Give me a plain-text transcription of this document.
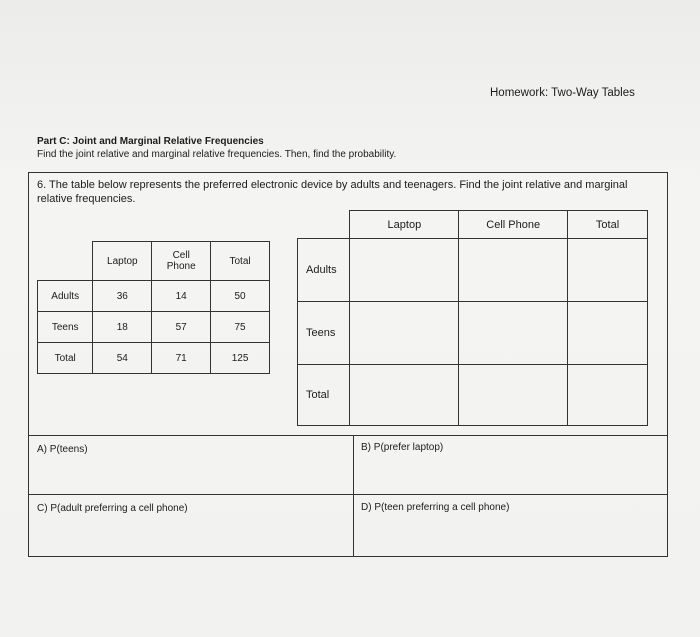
Homework: Two-Way Tables
Part C: Joint and Marginal Relative Frequencies
Find the joint relative and marginal relative frequencies. Then, find the probability.
6. The table below represents the preferred electronic device by adults and teenagers. Find the joint relative and marginal relative frequencies.
	Laptop	Cell Phone	Total
Adults	36	14	50
Teens	18	57	75
Total	54	71	125
	Laptop	Cell Phone	Total
Adults			
Teens			
Total			
A) P(teens)	B) P(prefer laptop)
C) P(adult preferring a cell phone)	D) P(teen preferring a cell phone)
